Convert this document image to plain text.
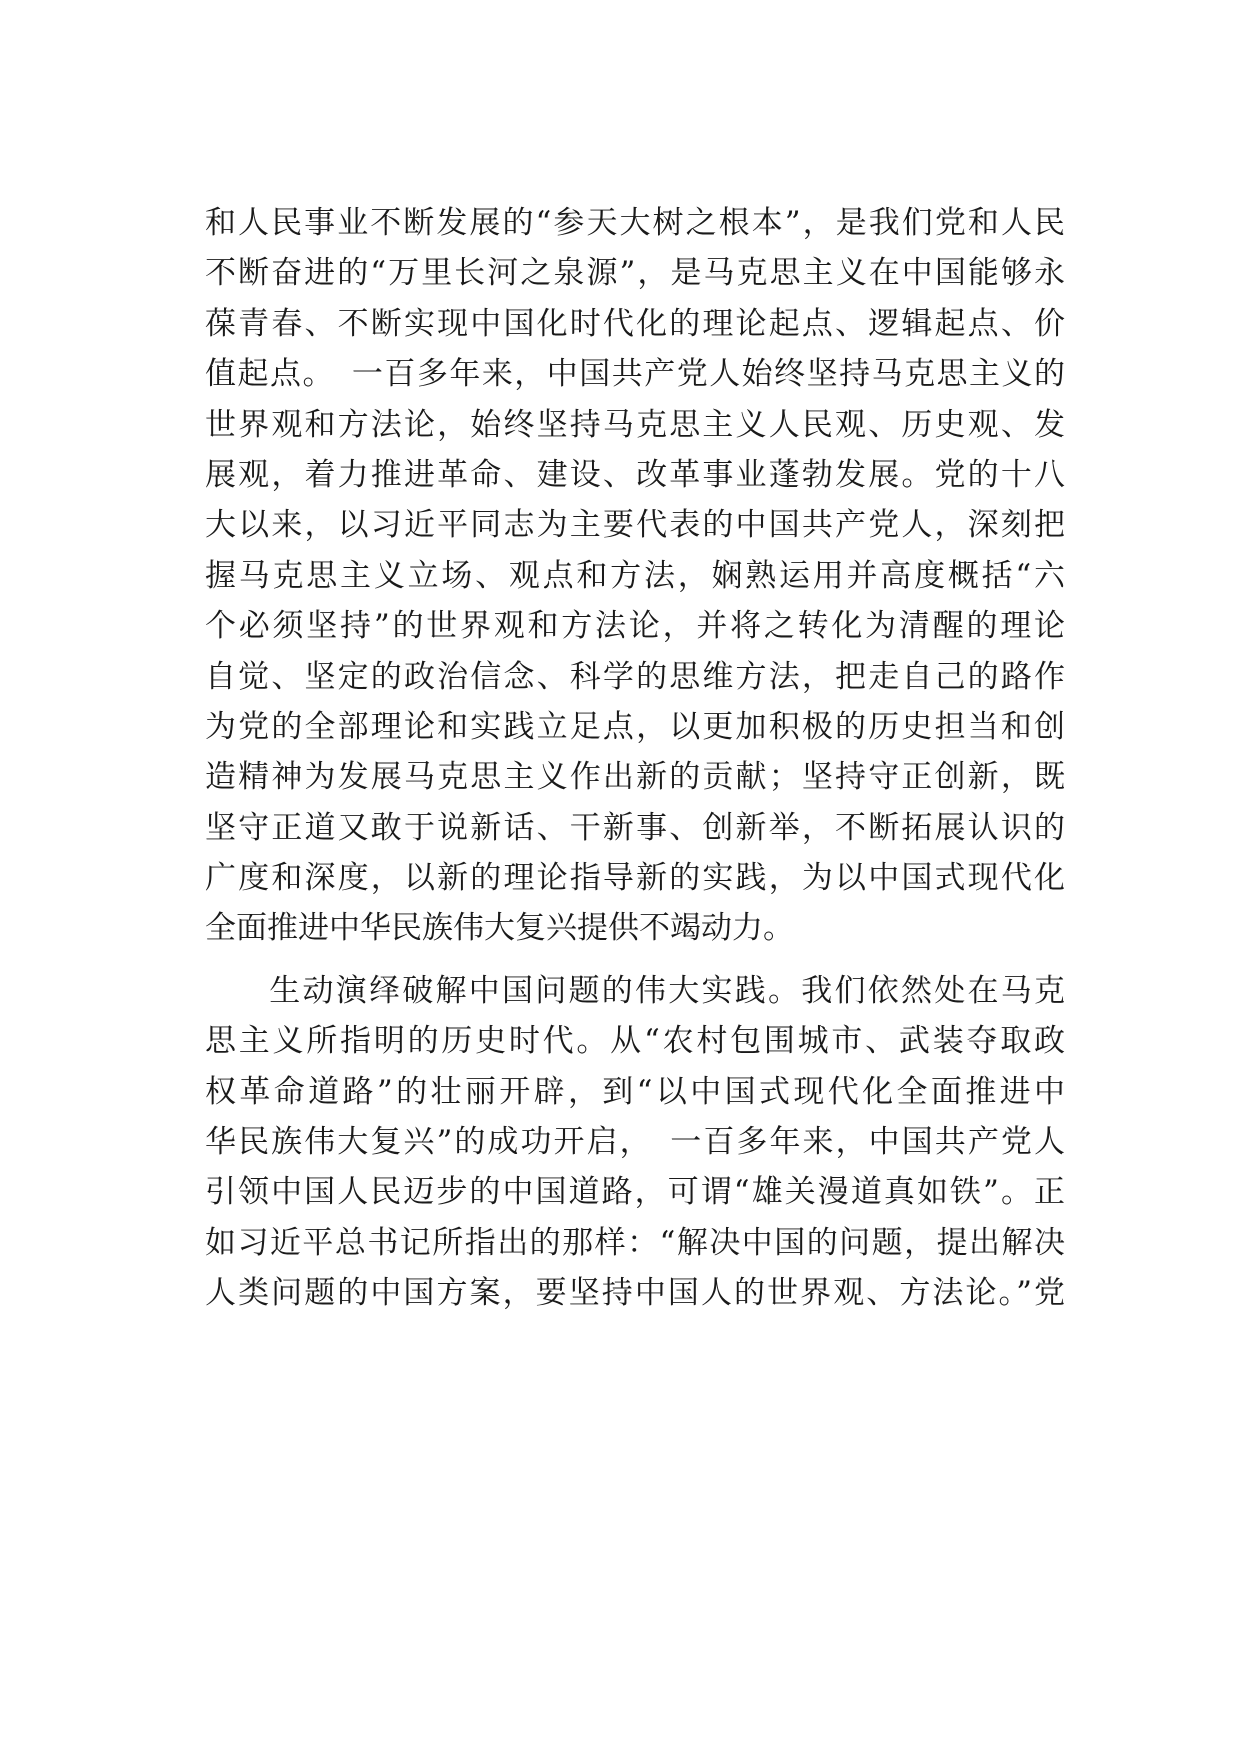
和人民事业不断发展的“参天大树之根本”，是我们党和人民
不断奋进的“万里长河之泉源”，是马克思主义在中国能够永
葆青春、不断实现中国化时代化的理论起点、逻辑起点、价
值起点。　一百多年来，中国共产党人始终坚持马克思主义的
世界观和方法论，始终坚持马克思主义人民观、历史观、发
展观，着力推进革命、建设、改革事业蓬勃发展。党的十八
大以来，以习近平同志为主要代表的中国共产党人，深刻把
握马克思主义立场、观点和方法，娴熟运用并高度概括“六
个必须坚持”的世界观和方法论，并将之转化为清醒的理论
自觉、坚定的政治信念、科学的思维方法，把走自己的路作
为党的全部理论和实践立足点，以更加积极的历史担当和创
造精神为发展马克思主义作出新的贡献；坚持守正创新，既
坚守正道又敢于说新话、干新事、创新举，不断拓展认识的
广度和深度，以新的理论指导新的实践，为以中国式现代化
全面推进中华民族伟大复兴提供不竭动力。
生动演绎破解中国问题的伟大实践。我们依然处在马克
思主义所指明的历史时代。从“农村包围城市、武装夺取政
权革命道路”的壮丽开辟，到“以中国式现代化全面推进中
华民族伟大复兴”的成功开启，　一百多年来，中国共产党人
引领中国人民迈步的中国道路，可谓“雄关漫道真如铁”。正
如习近平总书记所指出的那样：“解决中国的问题，提出解决
人类问题的中国方案，要坚持中国人的世界观、方法论。”党
